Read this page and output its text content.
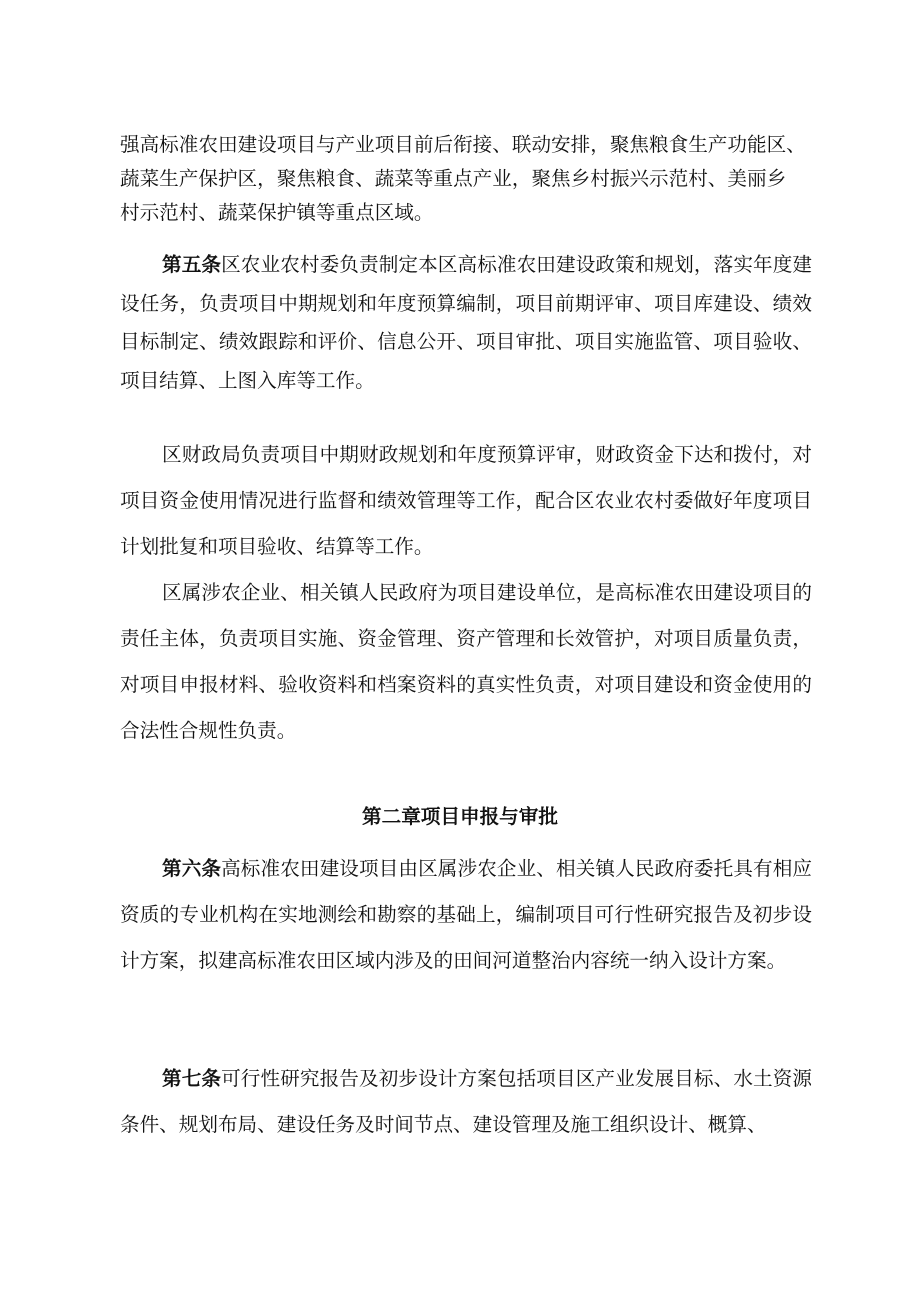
强高标准农田建设项目与产业项目前后衔接、联动安排，聚焦粮食生产功能区、
蔬菜生产保护区，聚焦粮食、蔬菜等重点产业，聚焦乡村振兴示范村、美丽乡
村示范村、蔬菜保护镇等重点区域。

第五条区农业农村委负责制定本区高标准农田建设政策和规划，落实年度建设任务，负责项目中期规划和年度预算编制，项目前期评审、项目库建设、绩效目标制定、绩效跟踪和评价、信息公开、项目审批、项目实施监管、项目验收、项目结算、上图入库等工作。

区财政局负责项目中期财政规划和年度预算评审，财政资金下达和拨付，对项目资金使用情况进行监督和绩效管理等工作，配合区农业农村委做好年度项目计划批复和项目验收、结算等工作。

区属涉农企业、相关镇人民政府为项目建设单位，是高标准农田建设项目的责任主体，负责项目实施、资金管理、资产管理和长效管护，对项目质量负责，对项目申报材料、验收资料和档案资料的真实性负责，对项目建设和资金使用的合法性合规性负责。

第二章项目申报与审批

第六条高标准农田建设项目由区属涉农企业、相关镇人民政府委托具有相应资质的专业机构在实地测绘和勘察的基础上，编制项目可行性研究报告及初步设计方案，拟建高标准农田区域内涉及的田间河道整治内容统一纳入设计方案。

第七条可行性研究报告及初步设计方案包括项目区产业发展目标、水土资源条件、规划布局、建设任务及时间节点、建设管理及施工组织设计、概算、
